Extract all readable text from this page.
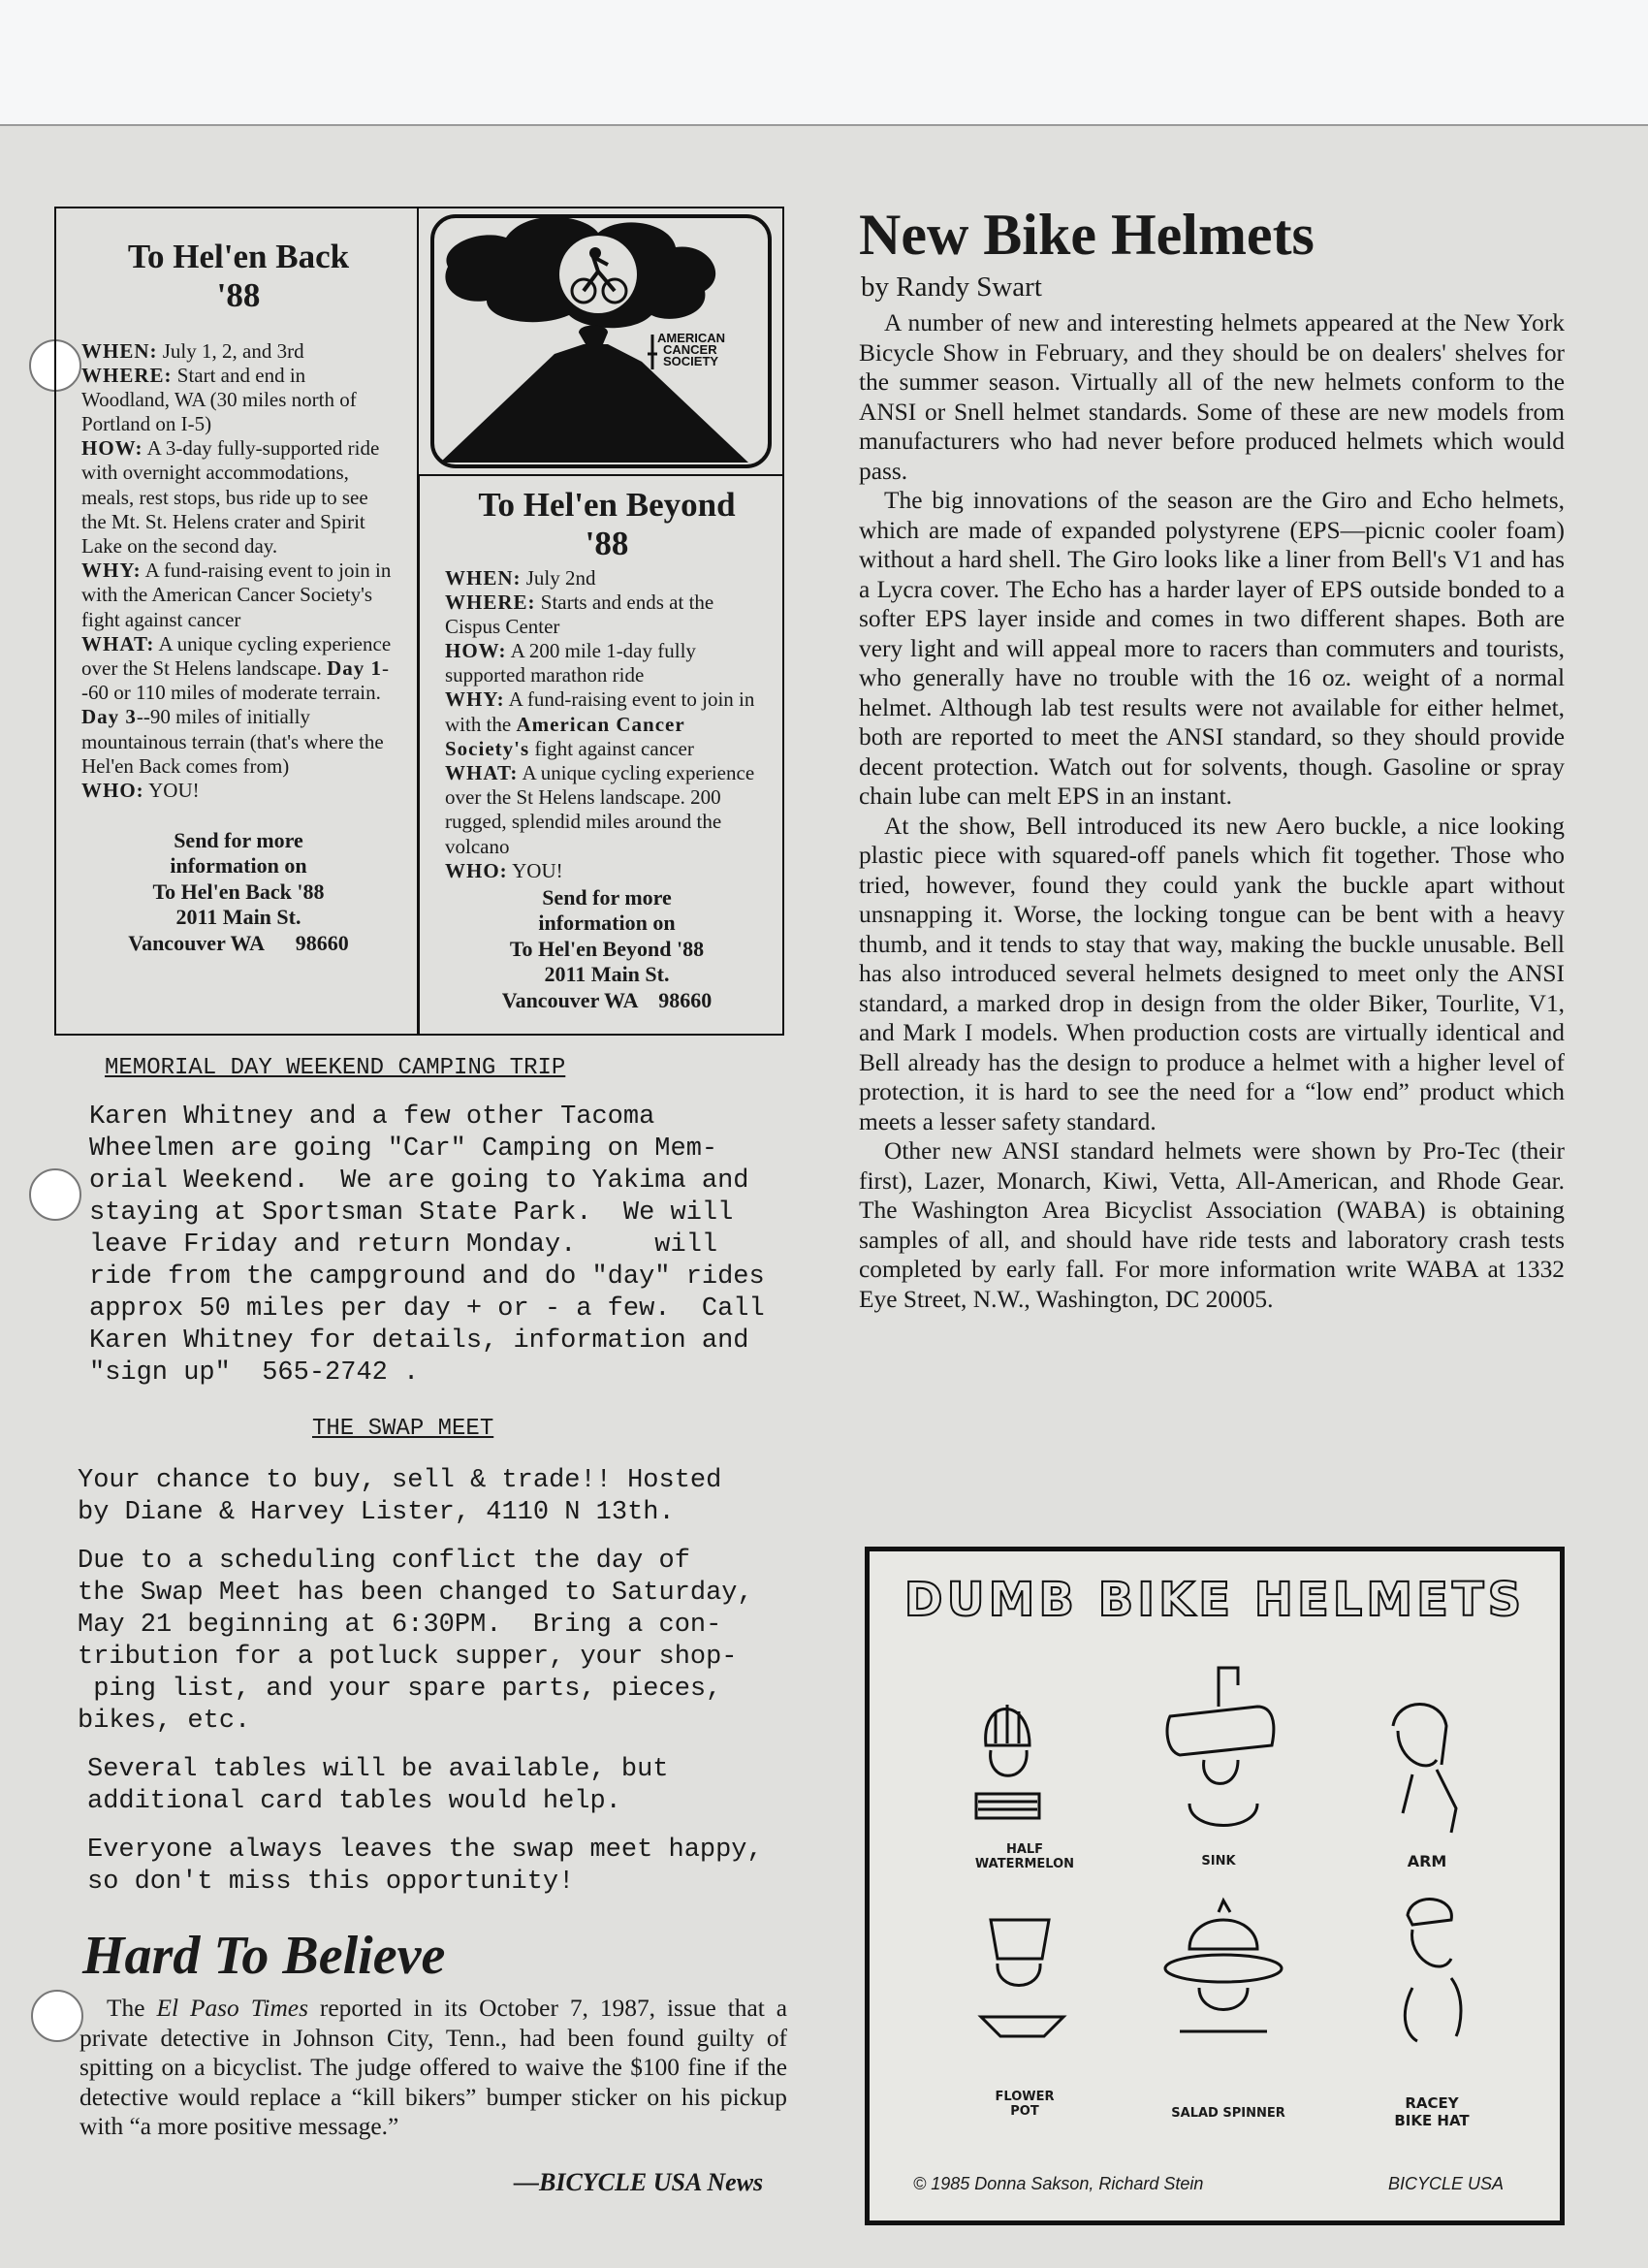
To Hel'en Back
'88
WHEN: July 1, 2, and 3rd
WHERE: Start and end in Woodland, WA (30 miles north of Portland on I-5)
HOW: A 3-day fully-supported ride with overnight accommodations, meals, rest stops, bus ride up to see the Mt. St. Helens crater and Spirit Lake on the second day.
WHY: A fund-raising event to join in with the American Cancer Society's fight against cancer
WHAT: A unique cycling experience over the St Helens landscape. Day 1--60 or 110 miles of moderate terrain. Day 3--90 miles of initially mountainous terrain (that's where the Hel'en Back comes from)
WHO: YOU!
Send for more
information on
To Hel'en Back '88
2011 Main St.
Vancouver WA      98660
AMERICAN
CANCER
SOCIETY
To Hel'en Beyond
'88
WHEN: July 2nd
WHERE: Starts and ends at the Cispus Center
HOW: A 200 mile 1-day fully supported marathon ride
WHY: A fund-raising event to join in with the American Cancer Society's fight against cancer
WHAT: A unique cycling experience over the St Helens landscape. 200 rugged, splendid miles around the volcano
WHO: YOU!
Send for more
information on
To Hel'en Beyond '88
2011 Main St.
Vancouver WA    98660
MEMORIAL DAY WEEKEND CAMPING TRIP

Karen Whitney and a few other Tacoma
Wheelmen are going "Car" Camping on Mem-
orial Weekend.  We are going to Yakima and
staying at Sportsman State Park.  We will
leave Friday and return Monday.     will
ride from the campground and do "day" rides
approx 50 miles per day + or - a few.  Call
Karen Whitney for details, information and
"sign up"  565-2742 .

THE SWAP MEET

Your chance to buy, sell & trade!! Hosted
by Diane & Harvey Lister, 4110 N 13th.

Due to a scheduling conflict the day of
the Swap Meet has been changed to Saturday,
May 21 beginning at 6:30PM.  Bring a con-
tribution for a potluck supper, your shop-
ping list, and your spare parts, pieces,
bikes, etc.

Several tables will be available, but
additional card tables would help.

Everyone always leaves the swap meet happy,
so don't miss this opportunity!

Hard To Believe

The El Paso Times reported in its October 7, 1987, issue that a private detective in Johnson City, Tenn., had been found guilty of spitting on a bicyclist. The judge offered to waive the $100 fine if the detective would replace a “kill bikers” bumper sticker on his pickup with “a more positive message.”

—BICYCLE USA News
New Bike Helmets
by Randy Swart

A number of new and interesting helmets appeared at the New York Bicycle Show in February, and they should be on dealers' shelves for the summer season. Virtually all of the new helmets conform to the ANSI or Snell helmet standards. Some of these are new models from manufacturers who had never before produced helmets which would pass.

The big innovations of the season are the Giro and Echo helmets, which are made of expanded polystyrene (EPS—picnic cooler foam) without a hard shell. The Giro looks like a liner from Bell's V1 and has a Lycra cover. The Echo has a harder layer of EPS outside bonded to a softer EPS layer inside and comes in two different shapes. Both are very light and will appeal more to racers than commuters and tourists, who generally have no trouble with the 16 oz. weight of a normal helmet. Although lab test results were not available for either helmet, both are reported to meet the ANSI standard, so they should provide decent protection. Watch out for solvents, though. Gasoline or spray chain lube can melt EPS in an instant.

At the show, Bell introduced its new Aero buckle, a nice looking plastic piece with squared-off panels which fit together. Those who tried, however, found they could yank the buckle apart without unsnapping it. Worse, the locking tongue can be bent with a heavy thumb, and it tends to stay that way, making the buckle unusable. Bell has also introduced several helmets designed to meet only the ANSI standard, a marked drop in design from the older Biker, Tourlite, V1, and Mark I models. When production costs are virtually identical and Bell already has the design to produce a helmet with a higher level of protection, it is hard to see the need for a “low end” product which meets a lesser safety standard.

Other new ANSI standard helmets were shown by Pro-Tec (their first), Lazer, Monarch, Kiwi, Vetta, All-American, and Rhode Gear. The Washington Area Bicyclist Association (WABA) is obtaining samples of all, and should have ride tests and laboratory crash tests completed by early fall. For more information write WABA at 1332 Eye Street, N.W., Washington, DC 20005.

DUMB BIKE HELMETS
HALF WATERMELON	SINK	ARM
FLOWER POT	SALAD SPINNER
RACEY BIKE HAT
© 1985 Donna Sakson, Richard Stein	BICYCLE USA
